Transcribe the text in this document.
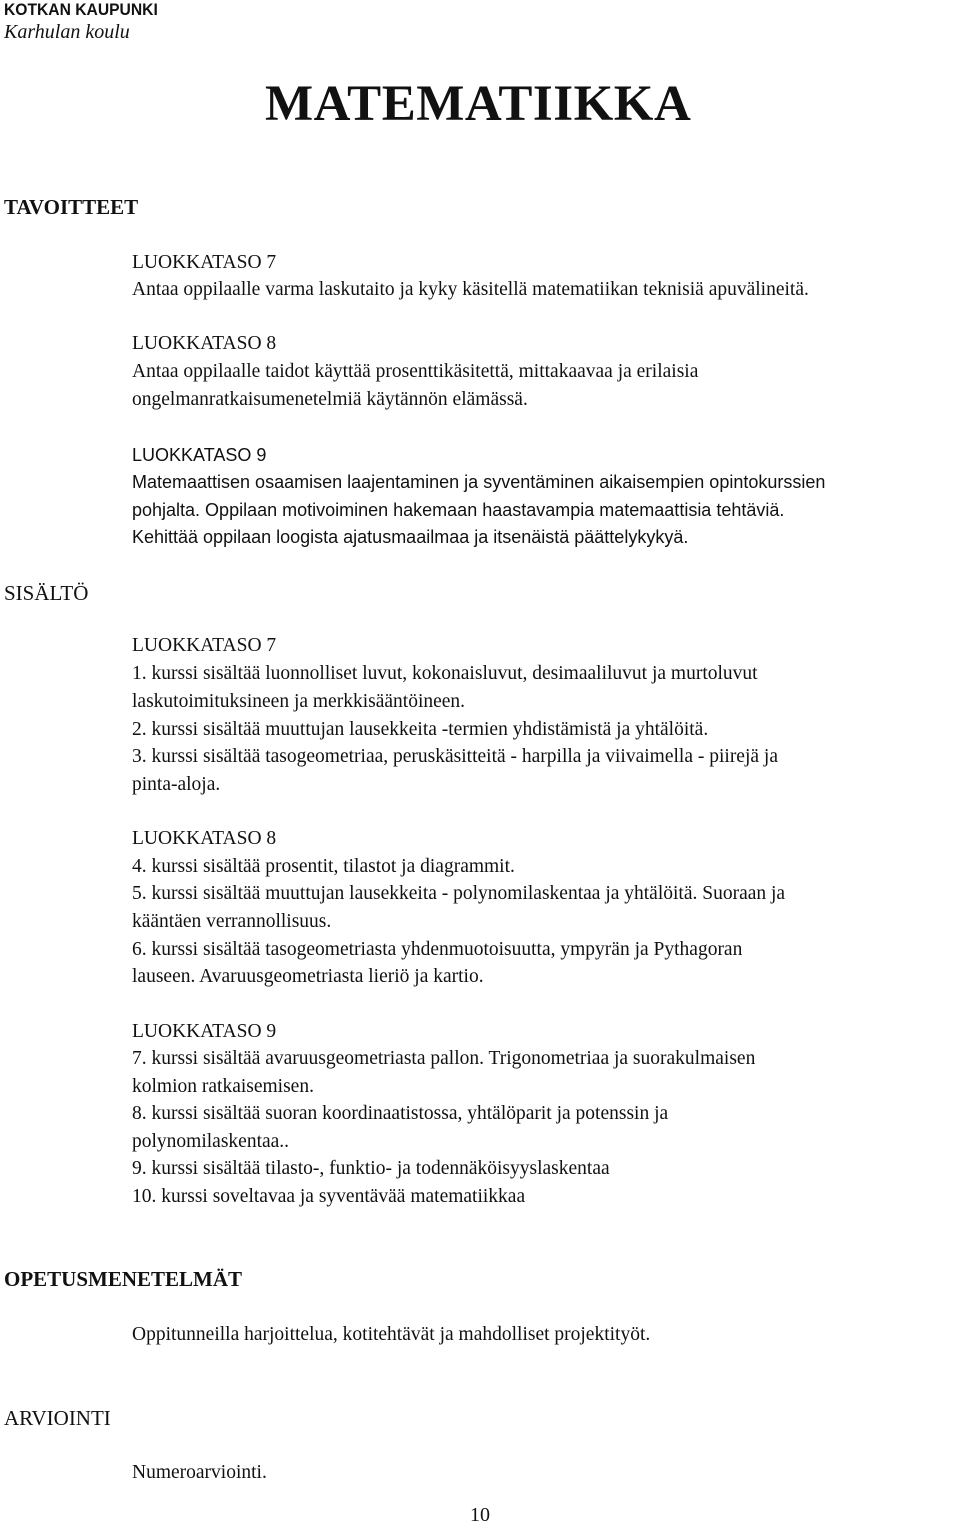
KOTKAN KAUPUNKI
Karhulan koulu
MATEMATIIKKA
TAVOITTEET
LUOKKATASO 7
Antaa oppilaalle varma laskutaito ja kyky käsitellä matematiikan teknisiä apuvälineitä.
LUOKKATASO 8
Antaa oppilaalle taidot käyttää prosenttikäsitettä, mittakaavaa ja erilaisia
ongelmanratkaisumenetelmiä käytännön elämässä.
LUOKKATASO 9
Matemaattisen osaamisen laajentaminen ja syventäminen aikaisempien opintokurssien
pohjalta. Oppilaan motivoiminen hakemaan haastavampia matemaattisia tehtäviä.
Kehittää oppilaan loogista ajatusmaailmaa ja itsenäistä päättelykykyä.
SISÄLTÖ
LUOKKATASO 7
1. kurssi sisältää luonnolliset luvut, kokonaisluvut, desimaaliluvut ja murtoluvut
laskutoimituksineen ja merkkisääntöineen.
2. kurssi sisältää muuttujan lausekkeita -termien yhdistämistä ja yhtälöitä.
3. kurssi sisältää tasogeometriaa, peruskäsitteitä - harpilla ja viivaimella - piirejä ja
pinta-aloja.
LUOKKATASO 8
4. kurssi sisältää prosentit, tilastot ja diagrammit.
5. kurssi sisältää muuttujan lausekkeita - polynomilaskentaa ja yhtälöitä. Suoraan ja
kääntäen verrannollisuus.
6. kurssi sisältää tasogeometriasta yhdenmuotoisuutta, ympyrän ja Pythagoran
lauseen. Avaruusgeometriasta lieriö ja kartio.
LUOKKATASO 9
7. kurssi sisältää avaruusgeometriasta pallon. Trigonometriaa ja suorakulmaisen
kolmion ratkaisemisen.
8. kurssi sisältää suoran koordinaatistossa, yhtälöparit ja potenssin ja
polynomilaskentaa..
9. kurssi sisältää tilasto-, funktio- ja todennäköisyyslaskentaa
10. kurssi soveltavaa ja syventävää matematiikkaa
OPETUSMENETELMÄT
Oppitunneilla harjoittelua, kotitehtävät ja mahdolliset projektityöt.
ARVIOINTI
Numeroarviointi.
10
